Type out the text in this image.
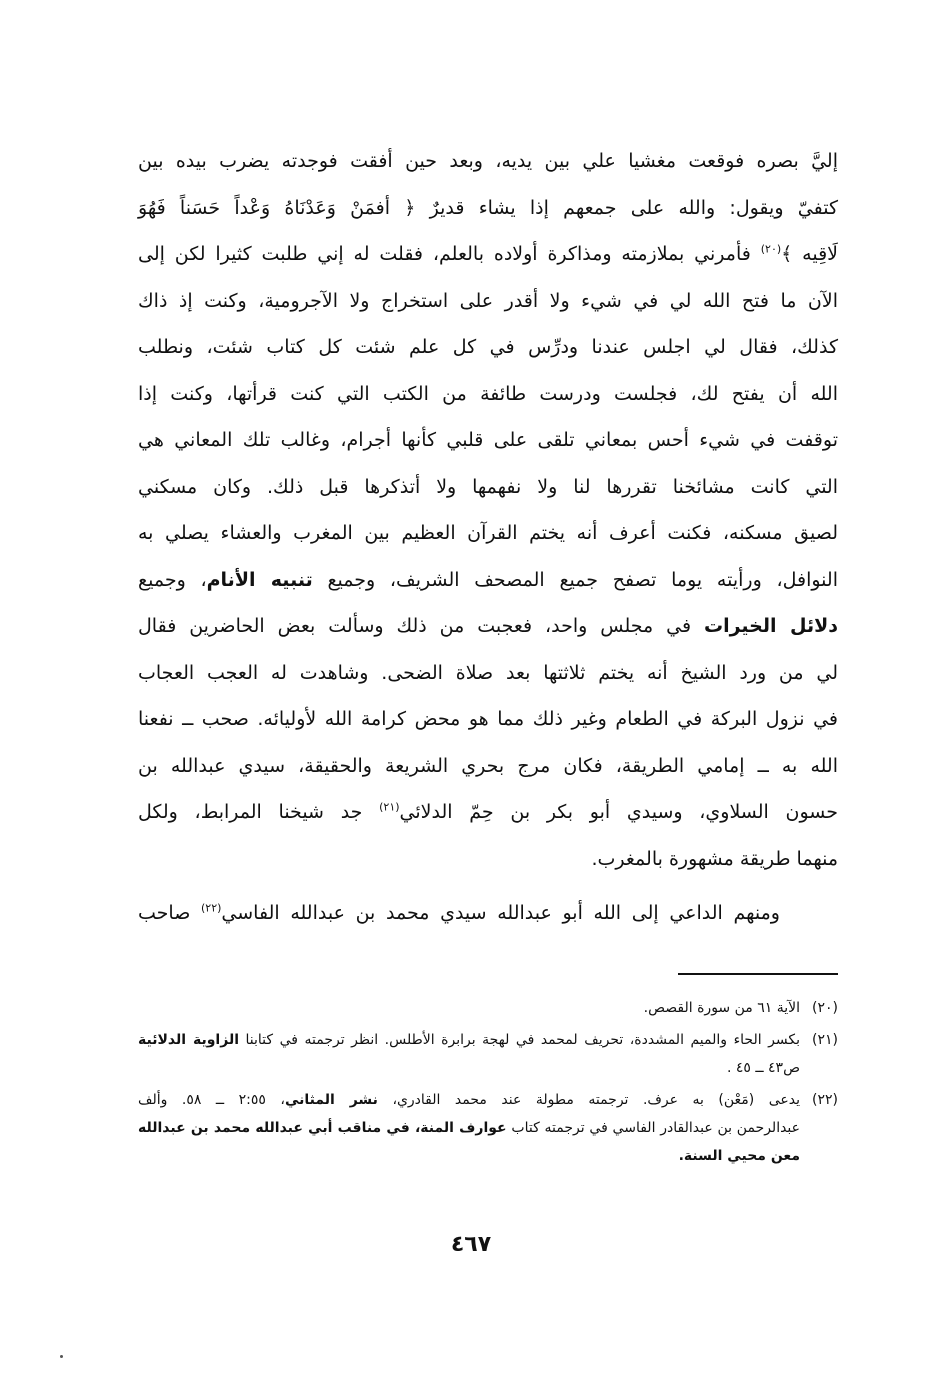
إليَّ بصره فوقعت مغشيا علي بين يديه، وبعد حين أفقت فوجدته يضرب بيده بين
كتفيّ ويقول: والله على جمعهم إذا يشاء قديرٌ ﴿ أفمَنْ وَعَدْنَاهُ وَعْداً حَسَناً فَهُوَ
لَاقِيه ﴾$^{(٢٠)}$ فأمرني بملازمته ومذاكرة أولاده بالعلم، فقلت له إني طلبت كثيرا لكن إلى
الآن ما فتح الله لي في شيء ولا أقدر على استخراج ولا الآجرومية، وكنت إذ ذاك
كذلك، فقال لي اجلس عندنا ودرِّس في كل علم شئت كل كتاب شئت، ونطلب
الله أن يفتح لك، فجلست ودرست طائفة من الكتب التي كنت قرأتها، وكنت إذا
توقفت في شيء أحس بمعاني تلقى على قلبي كأنها أجرام، وغالب تلك المعاني هي
التي كانت مشائخنا تقررها لنا ولا نفهمها ولا أتذكرها قبل ذلك. وكان مسكني
لصيق مسكنه، فكنت أعرف أنه يختم القرآن العظيم بين المغرب والعشاء يصلي به
النوافل، ورأيته يوما تصفح جميع المصحف الشريف، وجميع تنبيه الأنام، وجميع
دلائل الخيرات في مجلس واحد، فعجبت من ذلك وسألت بعض الحاضرين فقال
لي من ورد الشيخ أنه يختم ثلاثتها بعد صلاة الضحى. وشاهدت له العجب العجاب
في نزول البركة في الطعام وغير ذلك مما هو محض كرامة الله لأوليائه. صحب ــ نفعنا
الله به ــ إمامي الطريقة، فكان مرج بحري الشريعة والحقيقة، سيدي عبدالله بن
حسون السلاوي، وسيدي أبو بكر بن حِمّ الدلائي$^{(٢١)}$ جد شيخنا المرابط، ولكل
منهما طريقة مشهورة بالمغرب.
ومنهم الداعي إلى الله أبو عبدالله سيدي محمد بن عبدالله الفاسي$^{(٢٢)}$ صاحب
(٢٠)
الآية ٦١ من سورة القصص.
(٢١)
بكسر الحاء والميم المشددة، تحريف لمحمد في لهجة برابرة الأطلس. انظر ترجمته في كتابنا الزاوية الدلائية
ص٤٣ ــ ٤٥ .
(٢٢)
يدعى (مَعْن) به عرف. ترجمته مطولة عند محمد القادري، نشر المثاني، ٢:٥٥ ــ ٥٨. وألف
عبدالرحمن بن عبدالقادر الفاسي في ترجمته كتاب عوارف المنة، في مناقب أبي عبدالله محمد بن عبدالله
معن محيي السنة.
٤٦٧
